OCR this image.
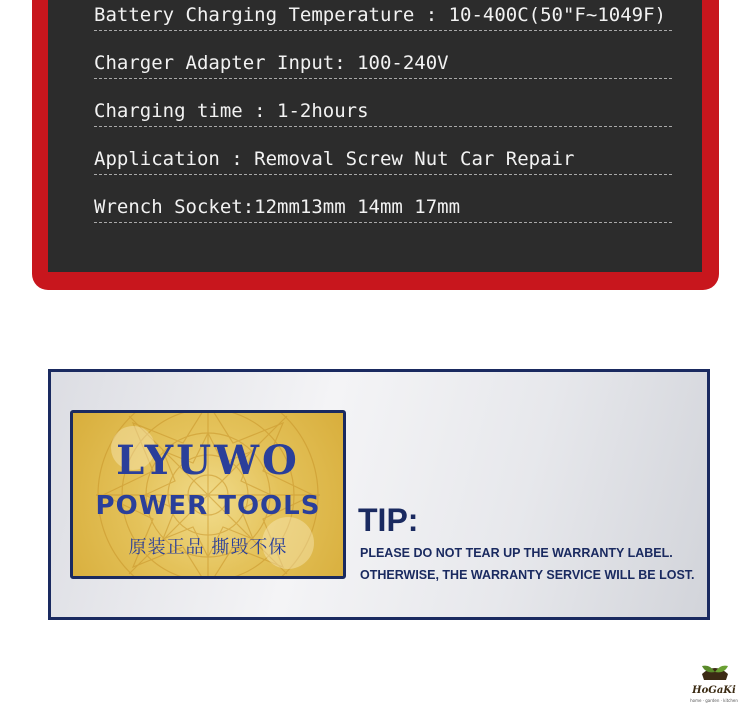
Battery Charging Temperature : 10-400C(50"F~1049F)
Charger Adapter Input: 100-240V
Charging time : 1-2hours
Application : Removal Screw Nut Car Repair
Wrench Socket:12mm13mm 14mm 17mm
LYUWO
POWER TOOLS
原装正品 撕毁不保
TIP:
PLEASE DO NOT TEAR UP THE WARRANTY LABEL.
OTHERWISE, THE WARRANTY SERVICE WILL BE LOST.
HoGaKi
home · garden · kitchen
